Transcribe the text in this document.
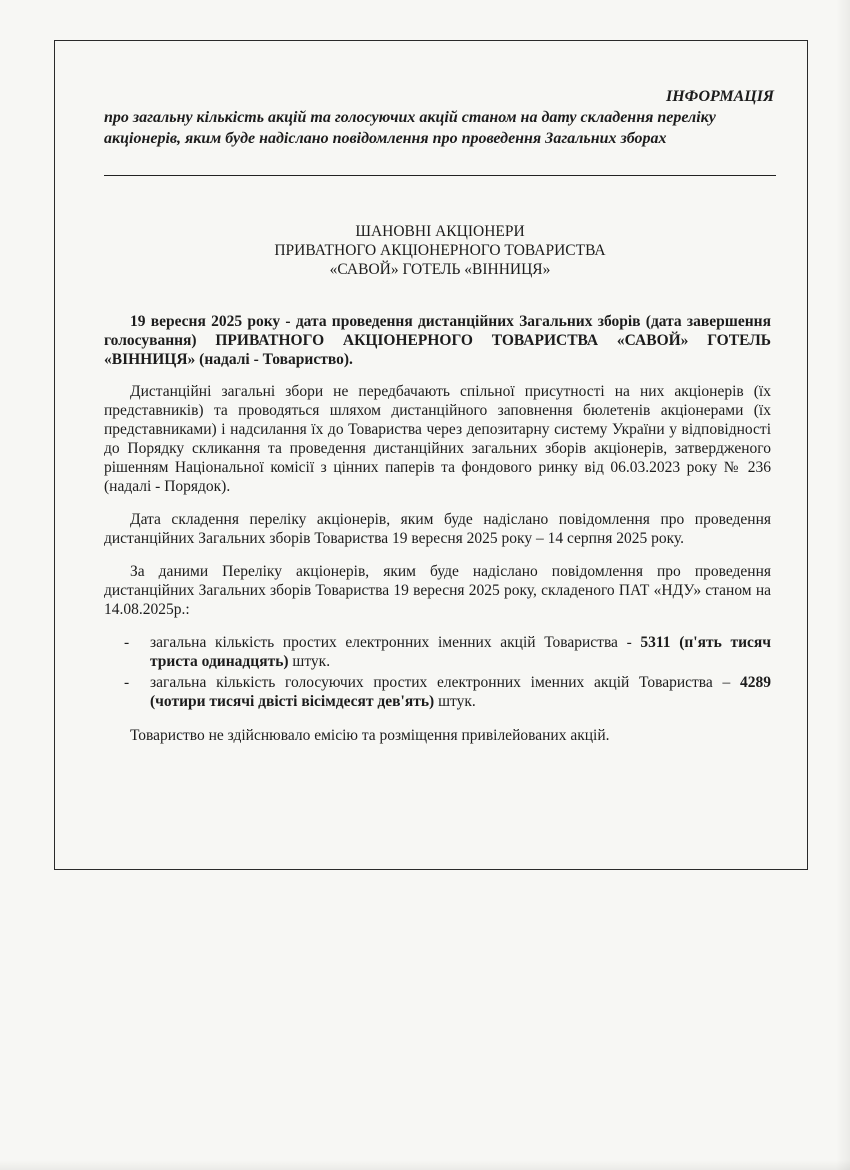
ІНФОРМАЦІЯ
про загальну кількість акцій та голосуючих акцій станом на дату складення переліку акціонерів, яким буде надіслано повідомлення про проведення Загальних зборах
ШАНОВНІ АКЦІОНЕРИ
ПРИВАТНОГО АКЦІОНЕРНОГО ТОВАРИСТВА
«САВОЙ» ГОТЕЛЬ «ВІННИЦЯ»

19 вересня 2025 року - дата проведення дистанційних Загальних зборів (дата завершення голосування) ПРИВАТНОГО АКЦІОНЕРНОГО ТОВАРИСТВА «САВОЙ» ГОТЕЛЬ «ВІННИЦЯ» (надалі - Товариство).

Дистанційні загальні збори не передбачають спільної присутності на них акціонерів (їх представників) та проводяться шляхом дистанційного заповнення бюлетенів акціонерами (їх представниками) і надсилання їх до Товариства через депозитарну систему України у відповідності до Порядку скликання та проведення дистанційних загальних зборів акціонерів, затвердженого рішенням Національної комісії з цінних паперів та фондового ринку від 06.03.2023 року № 236 (надалі - Порядок).

Дата складення переліку акціонерів, яким буде надіслано повідомлення про проведення дистанційних Загальних зборів Товариства 19 вересня 2025 року – 14 серпня 2025 року.

За даними Переліку акціонерів, яким буде надіслано повідомлення про проведення дистанційних Загальних зборів Товариства 19 вересня 2025 року, складеного ПАТ «НДУ» станом на 14.08.2025р.:

- загальна кількість простих електронних іменних акцій Товариства - 5311 (п'ять тисяч триста одинадцять) штук.
- загальна кількість голосуючих простих електронних іменних акцій Товариства – 4289 (чотири тисячі двісті вісімдесят дев'ять) штук.

Товариство не здійснювало емісію та розміщення привілейованих акцій.
